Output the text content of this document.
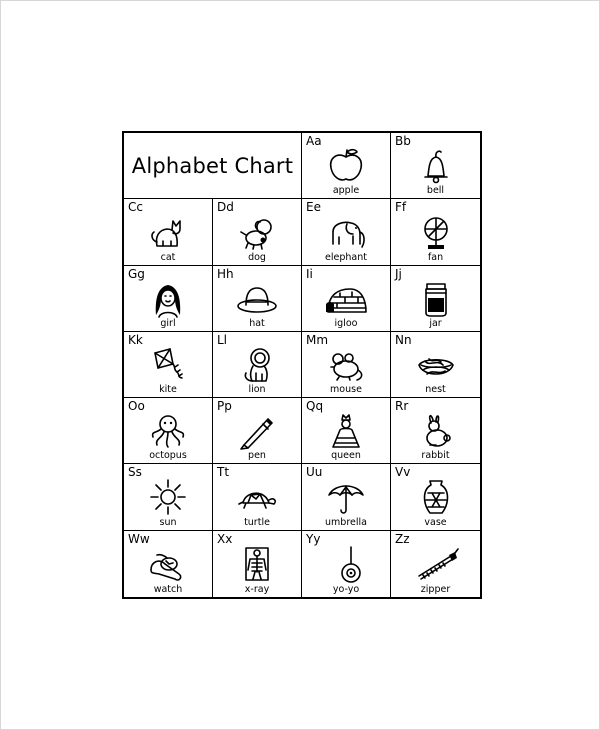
Alphabet Chart
Aa
apple
Bb
bell
Cc
cat
Dd
dog
Ee
elephant
Ff
fan
Gg
girl
Hh
hat
Ii
igloo
Jj
jar
Kk
kite
Ll
lion
Mm
mouse
Nn
nest
Oo
octopus
Pp
pen
Qq
queen
Rr
rabbit
Ss
sun
Tt
turtle
Uu
umbrella
Vv
vase
Ww
watch
Xx
x-ray
Yy
yo-yo
Zz
zipper
